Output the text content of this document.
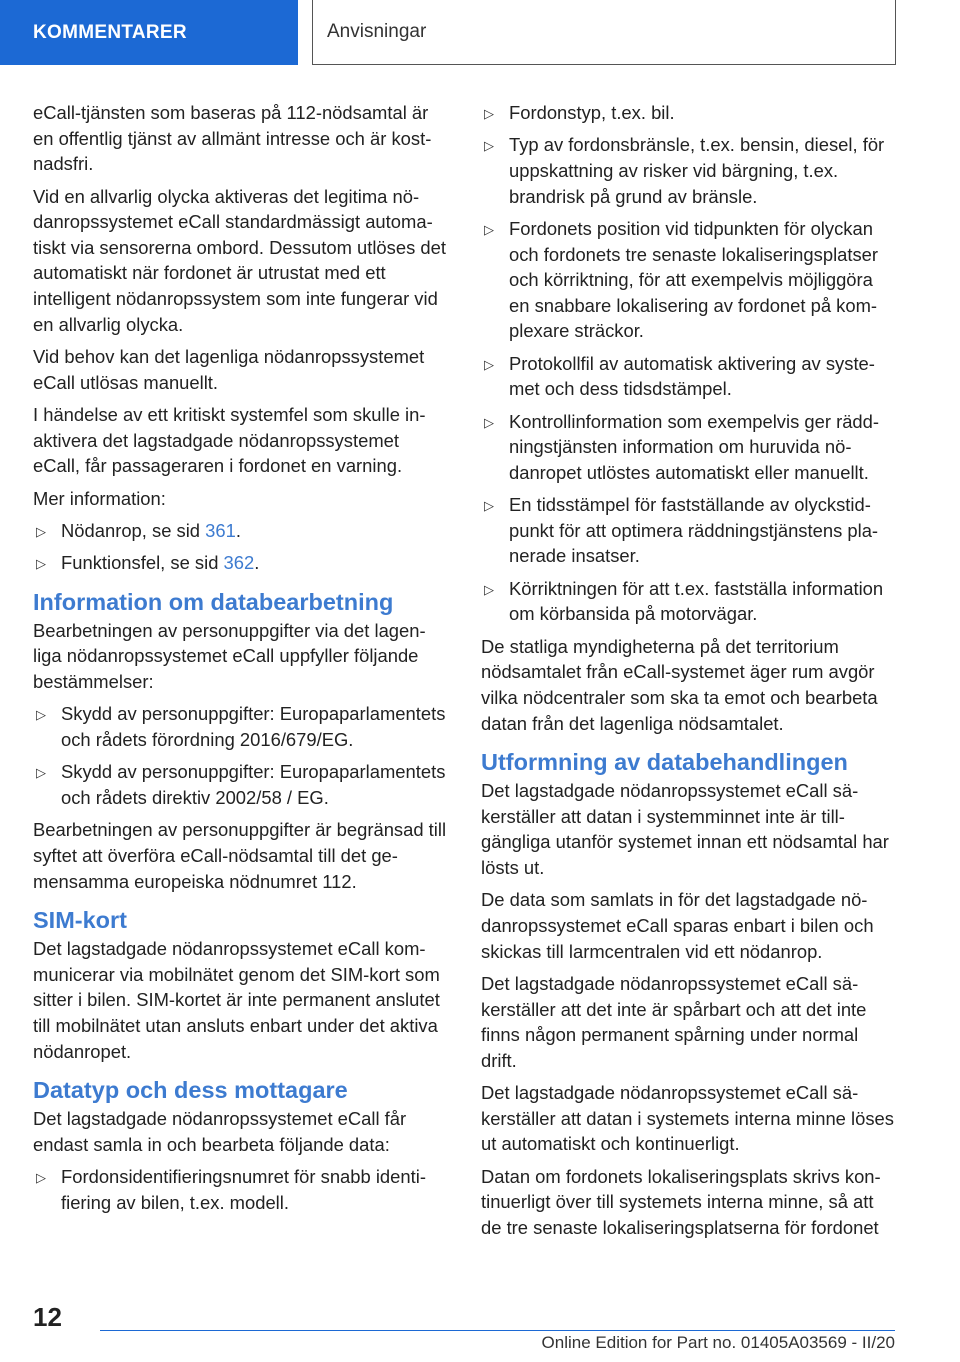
KOMMENTARER	Anvisningar

eCall-tjänsten som baseras på 112-nödsamtal är en offentlig tjänst av allmänt intresse och är kostnadsfri.

Vid en allvarlig olycka aktiveras det legitima nödanropssystemet eCall standardmässigt automatiskt via sensorerna ombord. Dessutom utlöses det automatiskt när fordonet är utrustat med ett intelligent nödanropssystem som inte fungerar vid en allvarlig olycka.

Vid behov kan det lagenliga nödanropssystemet eCall utlösas manuellt.

I händelse av ett kritiskt systemfel som skulle inaktivera det lagstadgade nödanropssystemet eCall, får passageraren i fordonet en varning.

Mer information:

▷ Nödanrop, se sid 361.
▷ Funktionsfel, se sid 362.
Information om databearbetning

Bearbetningen av personuppgifter via det lagenliga nödanropssystemet eCall uppfyller följande bestämmelser:

▷ Skydd av personuppgifter: Europaparlamentets och rådets förordning 2016/679/EG.
▷ Skydd av personuppgifter: Europaparlamentets och rådets direktiv 2002/58 / EG.

Bearbetningen av personuppgifter är begränsad till syftet att överföra eCall-nödsamtal till det gemensamma europeiska nödnumret 112.

SIM-kort

Det lagstadgade nödanropssystemet eCall kommunicerar via mobilnätet genom det SIM-kort som sitter i bilen. SIM-kortet är inte permanent anslutet till mobilnätet utan ansluts enbart under det aktiva nödanropet.

Datatyp och dess mottagare

Det lagstadgade nödanropssystemet eCall får endast samla in och bearbeta följande data:

▷ Fordonsidentifieringsnumret för snabb identifiering av bilen, t.ex. modell.
▷ Fordonstyp, t.ex. bil.
▷ Typ av fordonsbränsle, t.ex. bensin, diesel, för uppskattning av risker vid bärgning, t.ex. brandrisk på grund av bränsle.
▷ Fordonets position vid tidpunkten för olyckan och fordonets tre senaste lokaliseringsplatser och körriktning, för att exempelvis möjliggöra en snabbare lokalisering av fordonet på komplexare sträckor.
▷ Protokollfil av automatisk aktivering av systemet och dess tidsdstämpel.
▷ Kontrollinformation som exempelvis ger räddningstjänsten information om huruvida nödanropet utlöstes automatiskt eller manuellt.
▷ En tidsstämpel för fastställande av olyckstidpunkt för att optimera räddningstjänstens planerade insatser.
▷ Körriktningen för att t.ex. fastställa information om körbansida på motorvägar.

De statliga myndigheterna på det territorium nödsamtalet från eCall-systemet äger rum avgör vilka nödcentraler som ska ta emot och bearbeta datan från det lagenliga nödsamtalet.

Utformning av databehandlingen

Det lagstadgade nödanropssystemet eCall säkerställer att datan i systemminnet inte är tillgängliga utanför systemet innan ett nödsamtal har lösts ut.

De data som samlats in för det lagstadgade nödanropssystemet eCall sparas enbart i bilen och skickas till larmcentralen vid ett nödanrop.

Det lagstadgade nödanropssystemet eCall säkerställer att det inte är spårbart och att det inte finns någon permanent spårning under normal drift.

Det lagstadgade nödanropssystemet eCall säkerställer att datan i systemets interna minne löses ut automatiskt och kontinuerligt.

Datan om fordonets lokaliseringsplats skrivs kontinuerligt över till systemets interna minne, så att de tre senaste lokaliseringsplatserna för fordonet

12
Online Edition for Part no. 01405A03569 - II/20
